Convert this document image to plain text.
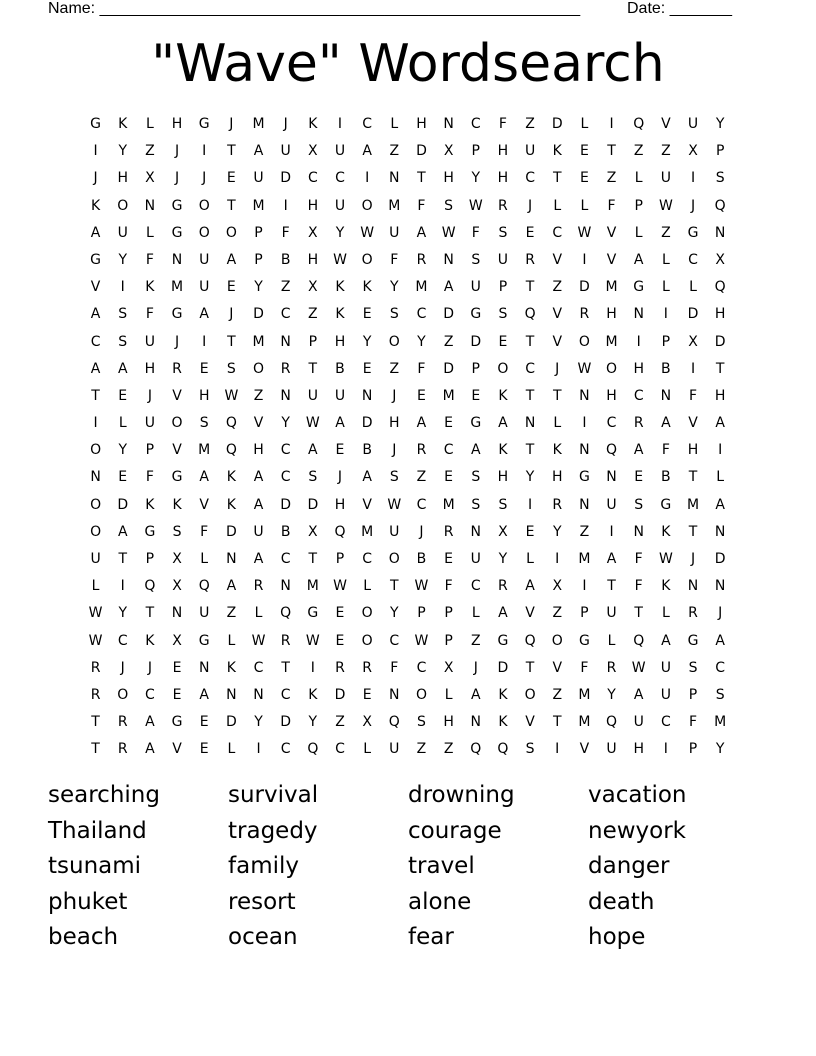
Name: ______________________________________________________	Date: _______
"Wave" Wordsearch
G	K	L	H	G	J	M	J	K	I	C	L	H	N	C	F	Z	D	L	I	Q	V	U	Y
I	Y	Z	J	I	T	A	U	X	U	A	Z	D	X	P	H	U	K	E	T	Z	Z	X	P
J	H	X	J	J	E	U	D	C	C	I	N	T	H	Y	H	C	T	E	Z	L	U	I	S
K	O	N	G	O	T	M	I	H	U	O	M	F	S	W	R	J	L	L	F	P	W	J	Q
A	U	L	G	O	O	P	F	X	Y	W	U	A	W	F	S	E	C	W	V	L	Z	G	N
G	Y	F	N	U	A	P	B	H	W	O	F	R	N	S	U	R	V	I	V	A	L	C	X
V	I	K	M	U	E	Y	Z	X	K	K	Y	M	A	U	P	T	Z	D	M	G	L	L	Q
A	S	F	G	A	J	D	C	Z	K	E	S	C	D	G	S	Q	V	R	H	N	I	D	H
C	S	U	J	I	T	M	N	P	H	Y	O	Y	Z	D	E	T	V	O	M	I	P	X	D
A	A	H	R	E	S	O	R	T	B	E	Z	F	D	P	O	C	J	W	O	H	B	I	T
T	E	J	V	H	W	Z	N	U	U	N	J	E	M	E	K	T	T	N	H	C	N	F	H
I	L	U	O	S	Q	V	Y	W	A	D	H	A	E	G	A	N	L	I	C	R	A	V	A
O	Y	P	V	M	Q	H	C	A	E	B	J	R	C	A	K	T	K	N	Q	A	F	H	I
N	E	F	G	A	K	A	C	S	J	A	S	Z	E	S	H	Y	H	G	N	E	B	T	L
O	D	K	K	V	K	A	D	D	H	V	W	C	M	S	S	I	R	N	U	S	G	M	A
O	A	G	S	F	D	U	B	X	Q	M	U	J	R	N	X	E	Y	Z	I	N	K	T	N
U	T	P	X	L	N	A	C	T	P	C	O	B	E	U	Y	L	I	M	A	F	W	J	D
L	I	Q	X	Q	A	R	N	M	W	L	T	W	F	C	R	A	X	I	T	F	K	N	N
W	Y	T	N	U	Z	L	Q	G	E	O	Y	P	P	L	A	V	Z	P	U	T	L	R	J
W	C	K	X	G	L	W	R	W	E	O	C	W	P	Z	G	Q	O	G	L	Q	A	G	A
R	J	J	E	N	K	C	T	I	R	R	F	C	X	J	D	T	V	F	R	W	U	S	C
R	O	C	E	A	N	N	C	K	D	E	N	O	L	A	K	O	Z	M	Y	A	U	P	S
T	R	A	G	E	D	Y	D	Y	Z	X	Q	S	H	N	K	V	T	M	Q	U	C	F	M
T	R	A	V	E	L	I	C	Q	C	L	U	Z	Z	Q	Q	S	I	V	U	H	I	P	Y
searching	survival	drowning	vacation
Thailand	tragedy	courage	newyork
tsunami	family	travel	danger
phuket	resort	alone	death
beach	ocean	fear	hope
